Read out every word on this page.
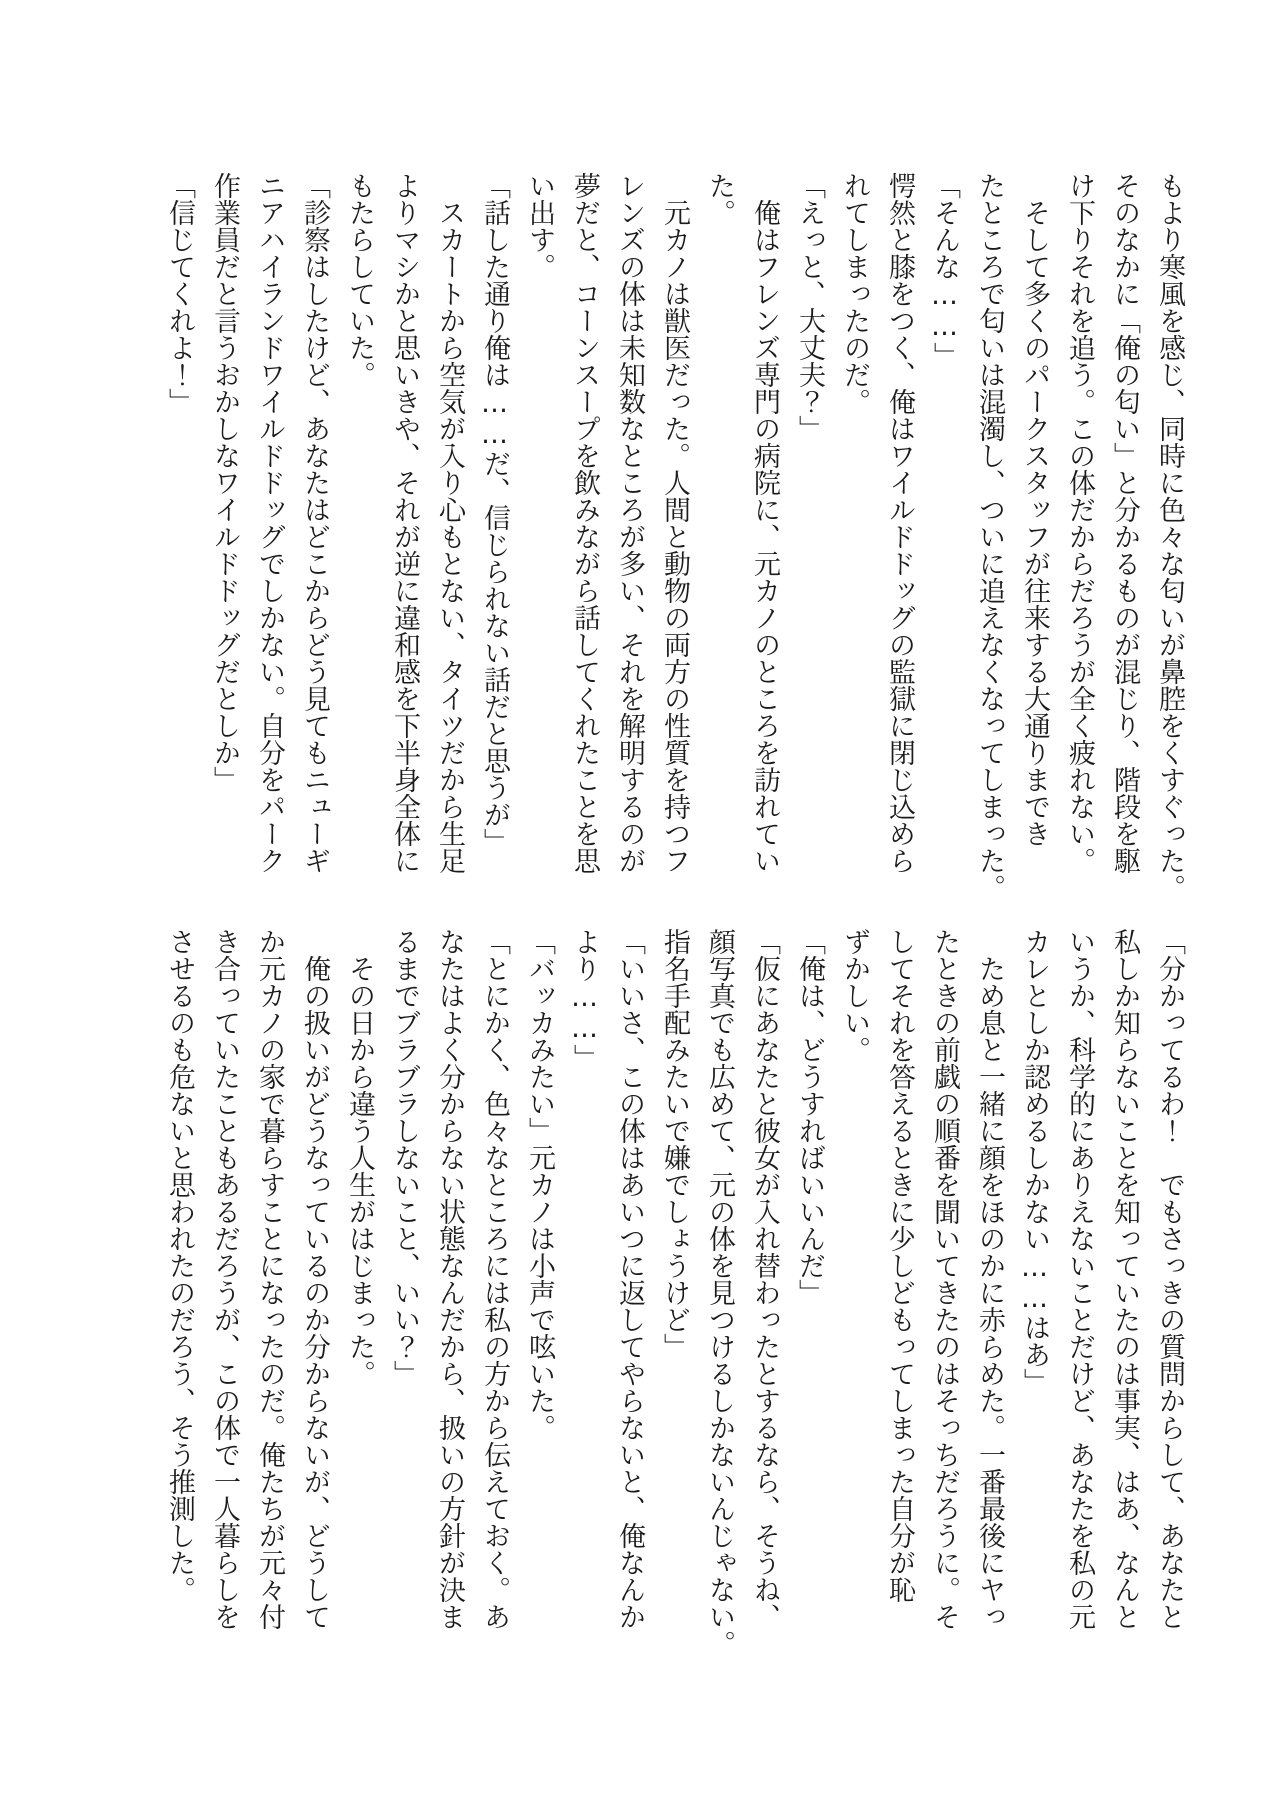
もより寒風を感じ、同時に色々な匂いが鼻腔をくすぐった。

そのなかに「俺の匂い」と分かるものが混じり、階段を駆

け下りそれを追う。この体だからだろうが全く疲れない。

　そして多くのパークスタッフが往来する大通りまでき

たところで匂いは混濁し、ついに追えなくなってしまった。

「そんな……」

愕然と膝をつく、俺はワイルドドッグの監獄に閉じ込めら

れてしまったのだ。

「えっと、大丈夫？」

　俺はフレンズ専門の病院に、元カノのところを訪れてい

た。

　元カノは獣医だった。人間と動物の両方の性質を持つフ

レンズの体は未知数なところが多い、それを解明するのが

夢だと、コーンスープを飲みながら話してくれたことを思

い出す。

「話した通り俺は……だ、信じられない話だと思うが」

　スカートから空気が入り心もとない、タイツだから生足

よりマシかと思いきや、それが逆に違和感を下半身全体に

もたらしていた。

「診察はしたけど、あなたはどこからどう見てもニューギ

ニアハイランドワイルドドッグでしかない。自分をパーク

作業員だと言うおかしなワイルドドッグだとしか」

「信じてくれよ！」

「分かってるわ！　でもさっきの質問からして、あなたと

私しか知らないことを知っていたのは事実、はあ、なんと

いうか、科学的にありえないことだけど、あなたを私の元

カレとしか認めるしかない……はあ」

　ため息と一緒に顔をほのかに赤らめた。一番最後にヤっ

たときの前戯の順番を聞いてきたのはそっちだろうに。そ

してそれを答えるときに少しどもってしまった自分が恥

ずかしい。

「俺は、どうすればいいんだ」

「仮にあなたと彼女が入れ替わったとするなら、そうね、

顔写真でも広めて、元の体を見つけるしかないんじゃない。

指名手配みたいで嫌でしょうけど」

「いいさ、この体はあいつに返してやらないと、俺なんか

より……」

「バッカみたい」元カノは小声で呟いた。

「とにかく、色々なところには私の方から伝えておく。あ

なたはよく分からない状態なんだから、扱いの方針が決ま

るまでブラブラしないこと、いい？」

　その日から違う人生がはじまった。

　俺の扱いがどうなっているのか分からないが、どうして

か元カノの家で暮らすことになったのだ。俺たちが元々付

き合っていたこともあるだろうが、この体で一人暮らしを

させるのも危ないと思われたのだろう、そう推測した。
